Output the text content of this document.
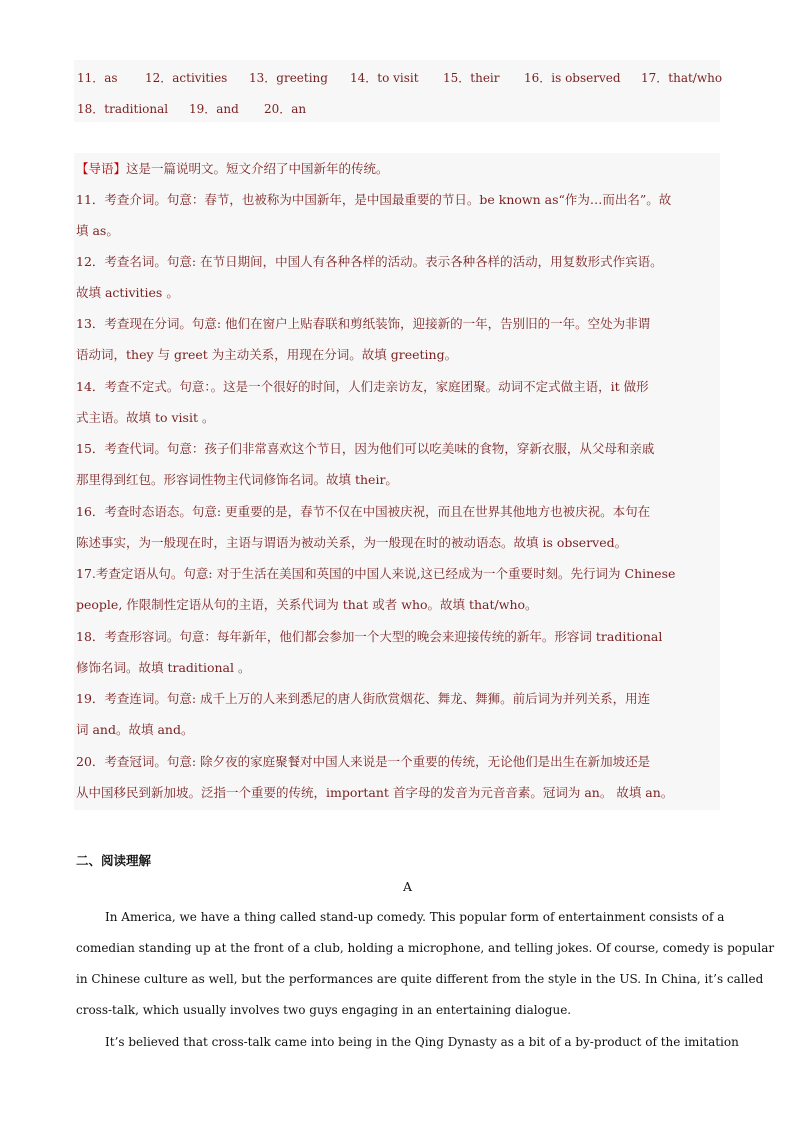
11．as 12．activities 13．greeting 14．to visit 15．their 16．is observed 17．that/who
18．traditional 19．and 20．an
【导语】这是一篇说明文。短文介绍了中国新年的传统。
11．考查介词。句意：春节，也被称为中国新年，是中国最重要的节日。be known as“作为…而出名”。故
填 as。
12．考查名词。句意: 在节日期间，中国人有各种各样的活动。表示各种各样的活动，用复数形式作宾语。
故填 activities 。
13．考查现在分词。句意: 他们在窗户上贴春联和剪纸装饰，迎接新的一年，告别旧的一年。空处为非谓
语动词，they 与 greet 为主动关系，用现在分词。故填 greeting。
14．考查不定式。句意：。这是一个很好的时间，人们走亲访友，家庭团聚。动词不定式做主语，it 做形
式主语。故填 to visit 。
15．考查代词。句意：孩子们非常喜欢这个节日，因为他们可以吃美味的食物，穿新衣服，从父母和亲戚
那里得到红包。形容词性物主代词修饰名词。故填 their。
16．考查时态语态。句意: 更重要的是，春节不仅在中国被庆祝，而且在世界其他地方也被庆祝。本句在
陈述事实，为一般现在时，主语与谓语为被动关系，为一般现在时的被动语态。故填 is observed。
17.考查定语从句。句意: 对于生活在美国和英国的中国人来说,这已经成为一个重要时刻。先行词为 Chinese
people, 作限制性定语从句的主语，关系代词为 that 或者 who。故填 that/who。
18．考查形容词。句意：每年新年，他们都会参加一个大型的晚会来迎接传统的新年。形容词 traditional
修饰名词。故填 traditional 。
19．考查连词。句意: 成千上万的人来到悉尼的唐人街欣赏烟花、舞龙、舞狮。前后词为并列关系，用连
词 and。故填 and。
20．考查冠词。句意: 除夕夜的家庭聚餐对中国人来说是一个重要的传统，无论他们是出生在新加坡还是
从中国移民到新加坡。泛指一个重要的传统，important 首字母的发音为元音音素。冠词为 an。 故填 an。
二、阅读理解
A
In America, we have a thing called stand-up comedy. This popular form of entertainment consists of a
comedian standing up at the front of a club, holding a microphone, and telling jokes. Of course, comedy is popular
in Chinese culture as well, but the performances are quite different from the style in the US. In China, it’s called
cross-talk, which usually involves two guys engaging in an entertaining dialogue.
It’s believed that cross-talk came into being in the Qing Dynasty as a bit of a by-product of the imitation
